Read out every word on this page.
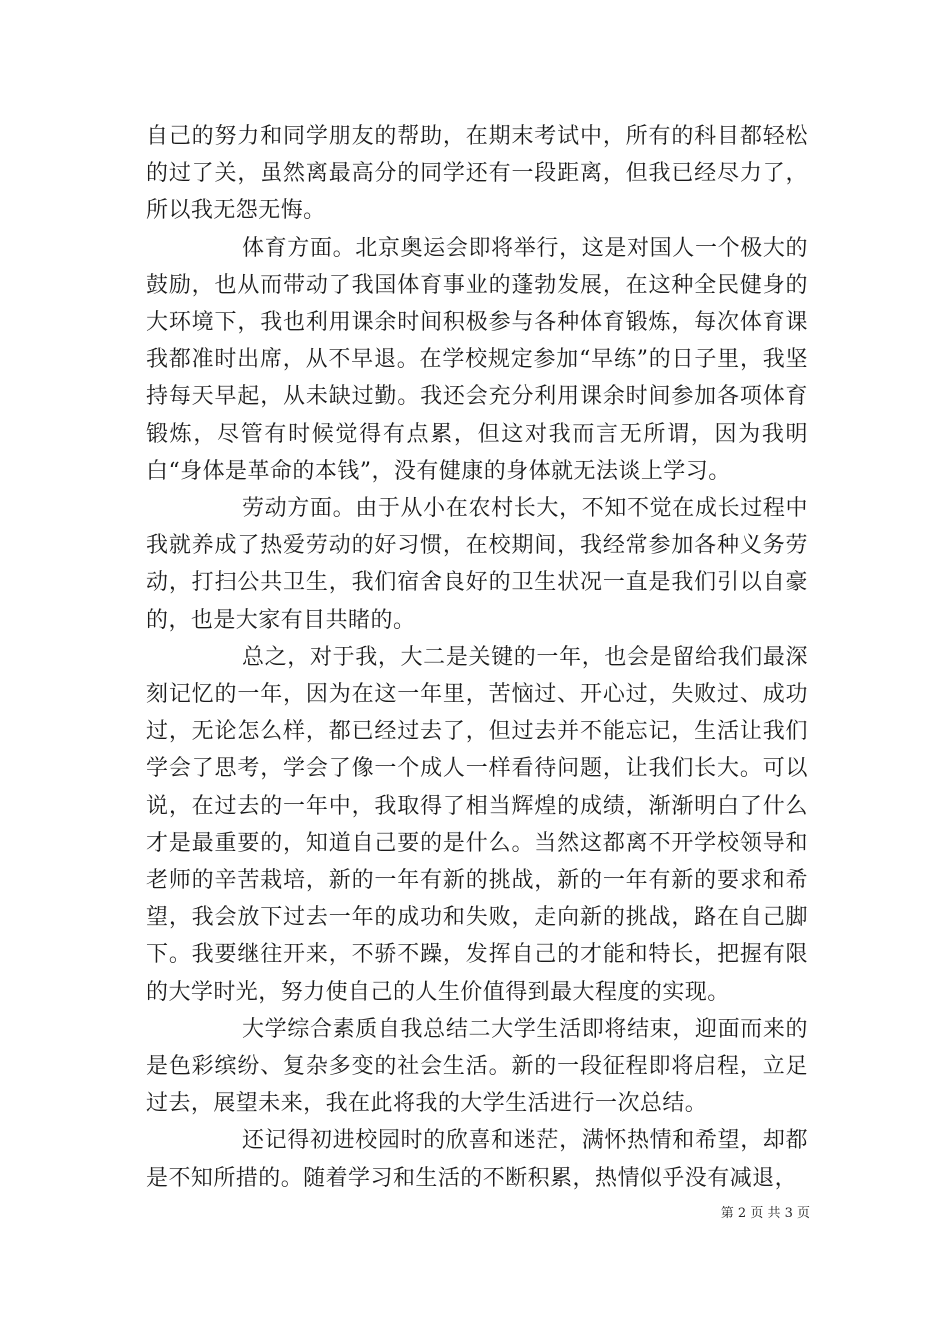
自己的努力和同学朋友的帮助，在期末考试中，所有的科目都轻松的过了关，虽然离最高分的同学还有一段距离，但我已经尽力了，所以我无怨无悔。

体育方面。北京奥运会即将举行，这是对国人一个极大的鼓励，也从而带动了我国体育事业的蓬勃发展，在这种全民健身的大环境下，我也利用课余时间积极参与各种体育锻炼，每次体育课我都准时出席，从不早退。在学校规定参加“早练”的日子里，我坚持每天早起，从未缺过勤。我还会充分利用课余时间参加各项体育锻炼，尽管有时候觉得有点累，但这对我而言无所谓，因为我明白“身体是革命的本钱”，没有健康的身体就无法谈上学习。

劳动方面。由于从小在农村长大，不知不觉在成长过程中我就养成了热爱劳动的好习惯，在校期间，我经常参加各种义务劳动，打扫公共卫生，我们宿舍良好的卫生状况一直是我们引以自豪的，也是大家有目共睹的。

总之，对于我，大二是关键的一年，也会是留给我们最深刻记忆的一年，因为在这一年里，苦恼过、开心过，失败过、成功过，无论怎么样，都已经过去了，但过去并不能忘记，生活让我们学会了思考，学会了像一个成人一样看待问题，让我们长大。可以说，在过去的一年中，我取得了相当辉煌的成绩，渐渐明白了什么才是最重要的，知道自己要的是什么。当然这都离不开学校领导和老师的辛苦栽培，新的一年有新的挑战，新的一年有新的要求和希望，我会放下过去一年的成功和失败，走向新的挑战，路在自己脚下。我要继往开来，不骄不躁，发挥自己的才能和特长，把握有限的大学时光，努力使自己的人生价值得到最大程度的实现。

大学综合素质自我总结二大学生活即将结束，迎面而来的是色彩缤纷、复杂多变的社会生活。新的一段征程即将启程，立足过去，展望未来，我在此将我的大学生活进行一次总结。

还记得初进校园时的欣喜和迷茫，满怀热情和希望，却都是不知所措的。随着学习和生活的不断积累，热情似乎没有减退，

第 2 页 共 3 页
